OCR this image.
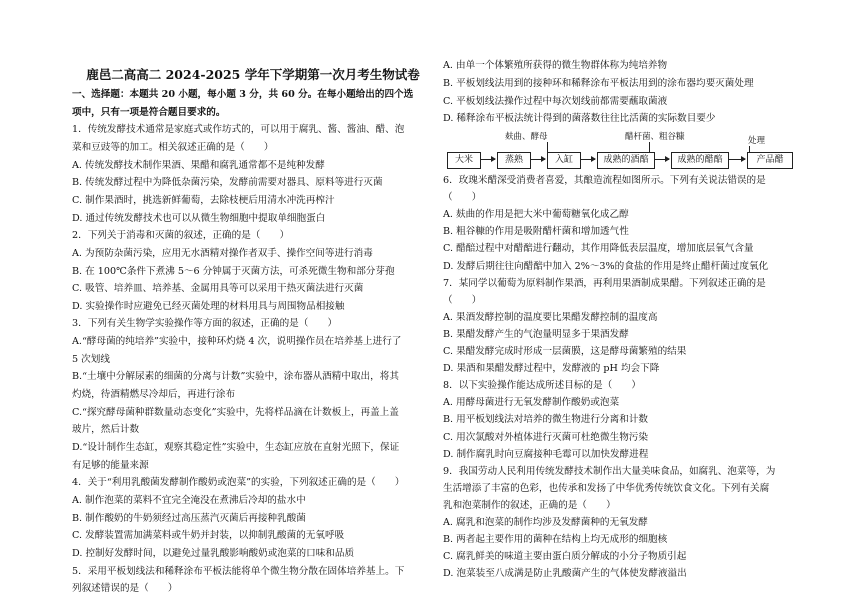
鹿邑二高高二 2024-2025 学年下学期第一次月考生物试卷
一、选择题：本题共 20 小题，每小题 3 分，共 60 分。在每小题给出的四个选
项中，只有一项是符合题目要求的。
1．传统发酵技术通常是家庭式或作坊式的，可以用于腐乳、酱、酱油、醋、泡
菜和豆豉等的加工。相关叙述正确的是（　　）
A. 传统发酵技术制作果酒、果醋和腐乳通常都不是纯种发酵
B. 传统发酵过程中为降低杂菌污染，发酵前需要对器具、原料等进行灭菌
C. 制作果酒时，挑选新鲜葡萄，去除枝梗后用清水冲洗再榨汁
D. 通过传统发酵技术也可以从微生物细胞中提取单细胞蛋白
2．下列关于消毒和灭菌的叙述，正确的是（　　）
A. 为预防杂菌污染，应用无水酒精对操作者双手、操作空间等进行消毒
B. 在 100℃条件下煮沸 5～6 分钟属于灭菌方法，可杀死微生物和部分芽孢
C. 吸管、培养皿、培养基、金属用具等可以采用干热灭菌法进行灭菌
D. 实验操作时应避免已经灭菌处理的材料用具与周围物品相接触
3．下列有关生物学实验操作等方面的叙述，正确的是（　　）
A.“酵母菌的纯培养”实验中，接种环灼烧 4 次，说明操作员在培养基上进行了
5 次划线
B.“土壤中分解尿素的细菌的分离与计数”实验中，涂布器从酒精中取出，将其
灼烧，待酒精燃尽冷却后，再进行涂布
C.“探究酵母菌种群数量动态变化”实验中，先将样品滴在计数板上，再盖上盖
玻片，然后计数
D.“设计制作生态缸，观察其稳定性”实验中，生态缸应放在直射光照下，保证
有足够的能量来源
4．关于“利用乳酸菌发酵制作酸奶或泡菜”的实验，下列叙述正确的是（　　）
A. 制作泡菜的菜料不宜完全淹没在煮沸后冷却的盐水中
B. 制作酸奶的牛奶须经过高压蒸汽灭菌后再接种乳酸菌
C. 发酵装置需加满菜料或牛奶并封装，以抑制乳酸菌的无氧呼吸
D. 控制好发酵时间，以避免过量乳酸影响酸奶或泡菜的口味和品质
5．采用平板划线法和稀释涂布平板法能将单个微生物分散在固体培养基上。下
列叙述错误的是（　　）
A. 由单一个体繁殖所获得的微生物群体称为纯培养物
B. 平板划线法用到的接种环和稀释涂布平板法用到的涂布器均要灭菌处理
C. 平板划线法操作过程中每次划线前都需要蘸取菌液
D. 稀释涂布平板法统计得到的菌落数往往比活菌的实际数目要少
6．玫瑰米醋深受消费者喜爱，其酿造流程如图所示。下列有关说法错误的是
（　　）
A. 麸曲的作用是把大米中葡萄糖氧化成乙醇
B. 粗谷糠的作用是吸附醋杆菌和增加透气性
C. 醋醅过程中对醋醅进行翻动，其作用降低表层温度，增加底层氧气含量
D. 发酵后期往往向醋醅中加入 2%～3%的食盐的作用是终止醋杆菌过度氧化
7．某同学以葡萄为原料制作果酒，再利用果酒制成果醋。下列叙述正确的是
（　　）
A. 果酒发酵控制的温度要比果醋发酵控制的温度高
B. 果醋发酵产生的气泡量明显多于果酒发酵
C. 果醋发酵完成时形成一层菌膜，这是酵母菌繁殖的结果
D. 果酒和果醋发酵过程中，发酵液的 pH 均会下降
8．以下实验操作能达成所述目标的是（　　）
A. 用酵母菌进行无氧发酵制作酸奶或泡菜
B. 用平板划线法对培养的微生物进行分离和计数
C. 用次氯酸对外植体进行灭菌可杜绝微生物污染
D. 制作腐乳时向豆腐接种毛霉可以加快发酵进程
9．我国劳动人民利用传统发酵技术制作出大量美味食品，如腐乳、泡菜等，为
生活增添了丰富的色彩，也传承和发扬了中华优秀传统饮食文化。下列有关腐
乳和泡菜制作的叙述，正确的是（　　）
A. 腐乳和泡菜的制作均涉及发酵菌种的无氧发酵
B. 两者起主要作用的菌种在结构上均无成形的细胞核
C. 腐乳鲜美的味道主要由蛋白质分解成的小分子物质引起
D. 泡菜装至八成满是防止乳酸菌产生的气体使发酵液溢出
麸曲、酵母	醋杆菌、粗谷糠	处理
大米	蒸熟	入缸	成熟的酒醅	成熟的醋醅	产品醋
